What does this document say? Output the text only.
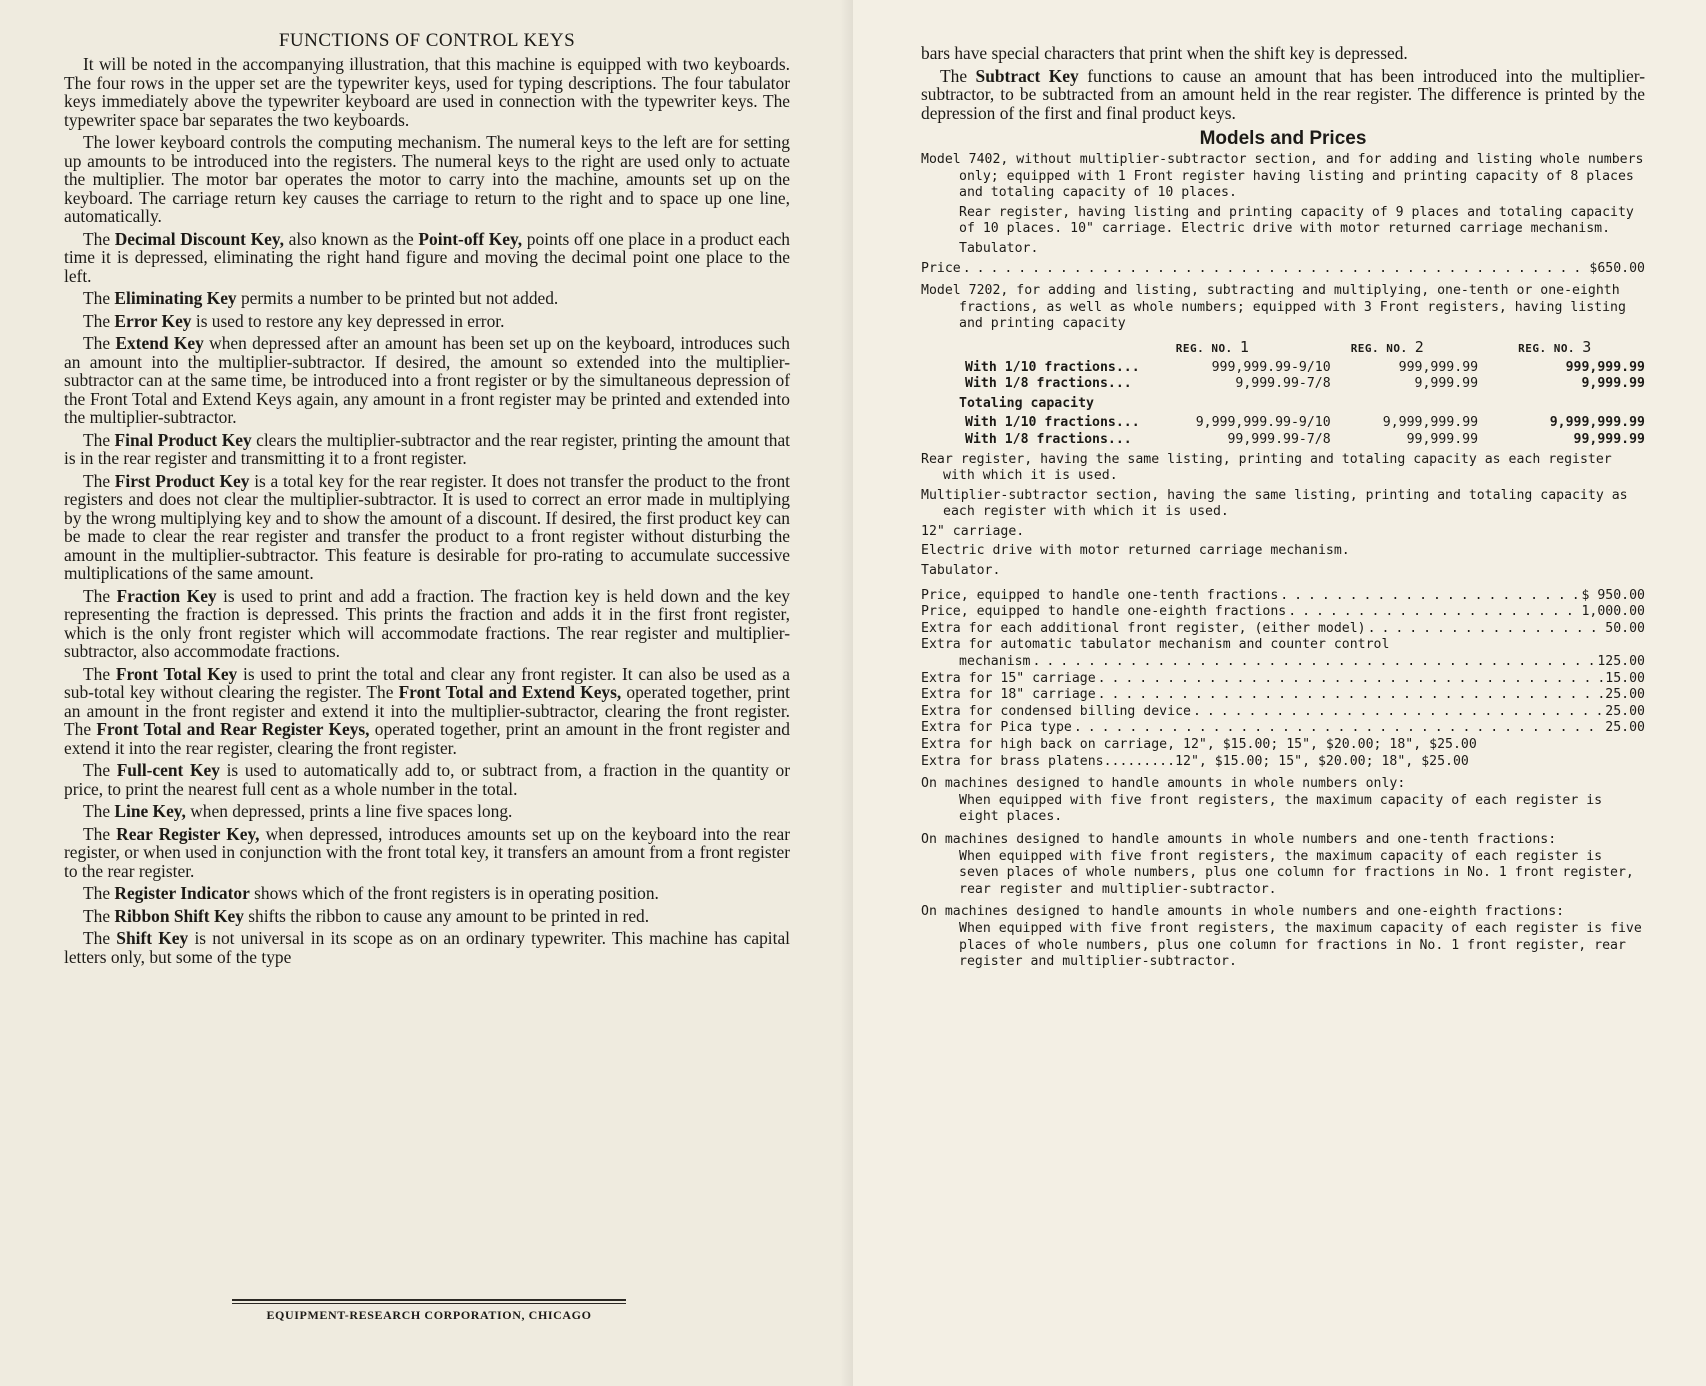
FUNCTIONS OF CONTROL KEYS
It will be noted in the accompanying illustration, that this machine is equipped with two keyboards. The four rows in the upper set are the typewriter keys, used for typing descriptions. The four tabulator keys immediately above the typewriter keyboard are used in connection with the typewriter keys. The typewriter space bar separates the two keyboards.
The lower keyboard controls the computing mechanism. The numeral keys to the left are for setting up amounts to be introduced into the registers. The numeral keys to the right are used only to actuate the multiplier. The motor bar operates the motor to carry into the machine, amounts set up on the keyboard. The carriage return key causes the carriage to return to the right and to space up one line, automatically.
The Decimal Discount Key, also known as the Point-off Key, points off one place in a product each time it is depressed, eliminating the right hand figure and moving the decimal point one place to the left.
The Eliminating Key permits a number to be printed but not added.
The Error Key is used to restore any key depressed in error.
The Extend Key when depressed after an amount has been set up on the keyboard, introduces such an amount into the multiplier-subtractor. If desired, the amount so extended into the multiplier-subtractor can at the same time, be introduced into a front register or by the simultaneous depression of the Front Total and Extend Keys again, any amount in a front register may be printed and extended into the multiplier-subtractor.
The Final Product Key clears the multiplier-subtractor and the rear register, printing the amount that is in the rear register and transmitting it to a front register.
The First Product Key is a total key for the rear register. It does not transfer the product to the front registers and does not clear the multiplier-subtractor. It is used to correct an error made in multiplying by the wrong multiplying key and to show the amount of a discount. If desired, the first product key can be made to clear the rear register and transfer the product to a front register without disturbing the amount in the multiplier-subtractor. This feature is desirable for pro-rating to accumulate successive multiplications of the same amount.
The Fraction Key is used to print and add a fraction. The fraction key is held down and the key representing the fraction is depressed. This prints the fraction and adds it in the first front register, which is the only front register which will accommodate fractions. The rear register and multiplier-subtractor, also accommodate fractions.
The Front Total Key is used to print the total and clear any front register. It can also be used as a sub-total key without clearing the register. The Front Total and Extend Keys, operated together, print an amount in the front register and extend it into the multiplier-subtractor, clearing the front register. The Front Total and Rear Register Keys, operated together, print an amount in the front register and extend it into the rear register, clearing the front register.
The Full-cent Key is used to automatically add to, or subtract from, a fraction in the quantity or price, to print the nearest full cent as a whole number in the total.
The Line Key, when depressed, prints a line five spaces long.
The Rear Register Key, when depressed, introduces amounts set up on the keyboard into the rear register, or when used in conjunction with the front total key, it transfers an amount from a front register to the rear register.
The Register Indicator shows which of the front registers is in operating position.
The Ribbon Shift Key shifts the ribbon to cause any amount to be printed in red.
The Shift Key is not universal in its scope as on an ordinary typewriter. This machine has capital letters only, but some of the type
EQUIPMENT-RESEARCH CORPORATION, CHICAGO
bars have special characters that print when the shift key is depressed.
The Subtract Key functions to cause an amount that has been introduced into the multiplier-subtractor, to be subtracted from an amount held in the rear register. The difference is printed by the depression of the first and final product keys.
Models and Prices
Model 7402, without multiplier-subtractor section, and for adding and listing whole numbers only; equipped with 1 Front register having listing and printing capacity of 8 places and totaling capacity of 10 places.
Rear register, having listing and printing capacity of 9 places and totaling capacity of 10 places. 10" carriage. Electric drive with motor returned carriage mechanism.
Tabulator.
Price . . .	$650.00
Model 7202, for adding and listing, subtracting and multiplying, one-tenth or one-eighth fractions, as well as whole numbers; equipped with 3 Front registers, having listing and printing capacity
	REG. NO. 1	REG. NO. 2	REG. NO. 3
With 1/10 fractions...	999,999.99-9/10	999,999.99	999,999.99
With 1/8 fractions...	9,999.99-7/8	9,999.99	9,999.99
Totaling capacity			
With 1/10 fractions...	9,999,999.99-9/10	9,999,999.99	9,999,999.99
With 1/8 fractions...	99,999.99-7/8	99,999.99	99,999.99
Rear register, having the same listing, printing and totaling capacity as each register with which it is used.
Multiplier-subtractor section, having the same listing, printing and totaling capacity as each register with which it is used.
12" carriage.
Electric drive with motor returned carriage mechanism.
Tabulator.
Price, equipped to handle one-tenth fractions . . .	$ 950.00
Price, equipped to handle one-eighth fractions . . .	1,000.00
Extra for each additional front register, (either model) . . .	50.00
Extra for automatic tabulator mechanism and counter control
mechanism . . .	125.00
Extra for 15" carriage . . .	15.00
Extra for 18" carriage . . .	25.00
Extra for condensed billing device . . .	25.00
Extra for Pica type . . .	25.00
Extra for high back on carriage, 12", $15.00; 15", $20.00; 18", $25.00
Extra for brass platens.........12", $15.00; 15", $20.00; 18", $25.00
On machines designed to handle amounts in whole numbers only:
When equipped with five front registers, the maximum capacity of each register is eight places.
On machines designed to handle amounts in whole numbers and one-tenth fractions:
When equipped with five front registers, the maximum capacity of each register is seven places of whole numbers, plus one column for fractions in No. 1 front register, rear register and multiplier-subtractor.
On machines designed to handle amounts in whole numbers and one-eighth fractions:
When equipped with five front registers, the maximum capacity of each register is five places of whole numbers, plus one column for fractions in No. 1 front register, rear register and multiplier-subtractor.
